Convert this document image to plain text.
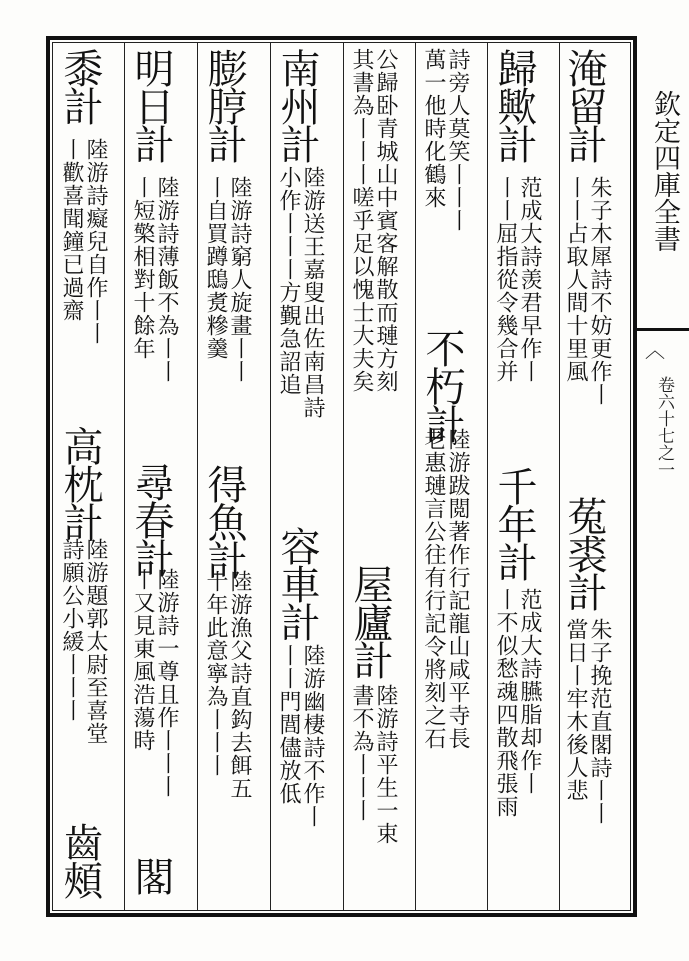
欽定四庫全書
︿
卷六十七之一
淹留計
朱子木犀詩不妨更作丨
丨丨占取人間十里風
菟裘計
朱子挽范直閣詩丨丨
當日丨牢木後人悲
歸歟計
范成大詩羡君早作丨
丨丨屈指從令幾合并
千年計
范成大詩臙脂却作丨
丨不似愁魂四散飛張雨
詩旁人莫笑丨丨丨
萬一他時化鶴來
不朽計
陸游跋閲著作行記龍山咸平寺長
老惠璉言公往有行記令將刻之石
公歸卧青城山中賓客解散而璉方刻
其書為丨丨丨嗟乎足以愧士大夫矣
屋廬計
陸游詩平生一束
書不為丨丨丨
南州計
陸游送王嘉叟出佐南昌詩
小作丨丨丨方覲急詔追
容車計
陸游幽棲詩不作丨
丨丨門閭儘放低
膨脝計
陸游詩窮人旋畫丨丨
丨自買蹲鴟煑糝羹
得魚計
陸游漁父詩直鈎去餌五
十年此意寧為丨丨丨
明日計
陸游詩薄飯不為丨丨
丨短檠相對十餘年
尋春計
陸游詩一尊且作丨丨丨
丨又見東風浩蕩時
閣
黍計
陸游詩癡兒自作丨丨
丨歡喜聞鐘已過齋
高枕計
陸游題郭太尉至喜堂
詩願公小緩丨丨丨
齒頰
